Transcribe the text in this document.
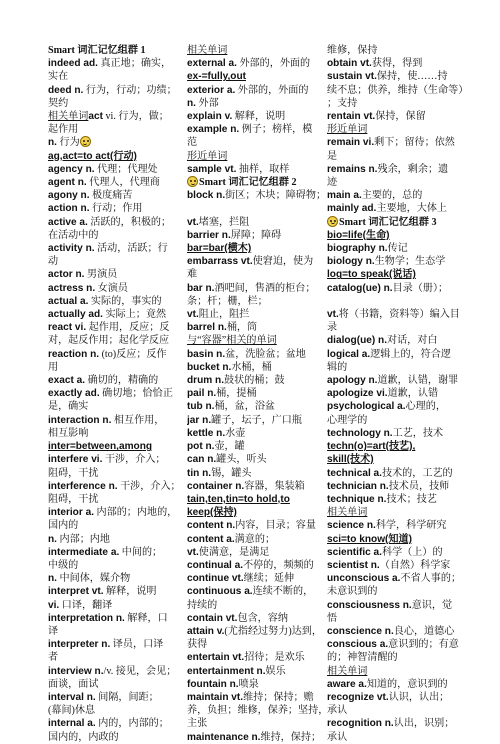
Smart 词汇记忆组群 1
indeed ad. 真正地；确实，
实在
deed n. 行为，行动；功绩；
契约
相关单词act vi. 行为，做；
起作用
n. 行为
ag,act=to act(行动)
agency n. 代理；代理处
agent n. 代理人，代理商
agony n. 极度痛苦
action n. 行动；作用
active a. 活跃的，积极的；
在活动中的
activity n. 活动，活跃；行
动
actor n. 男演员
actress n. 女演员
actual a. 实际的，事实的
actually ad. 实际上；竟然
react vi. 起作用，反应；反
对，起反作用；起化学反应
reaction n. (to)反应；反作
用
exact a. 确切的，精确的
exactly ad. 确切地；恰恰正
是，确实
interaction n. 相互作用，
相互影响
inter=between,among
interfere vi. 干涉，介入；
阻碍，干扰
interference n. 干涉，介入；
阻碍，干扰
interior a. 内部的；内地的，
国内的
n. 内部；内地
intermediate a. 中间的；
中级的
n. 中间体，媒介物
interpret vt. 解释，说明
vi. 口译，翻译
interpretation n. 解释，口
译
interpreter n. 译员，口译
者
interview n./v. 接见，会见；
面谈，面试
interval n. 间隔，间距；
(幕间)休息
internal a. 内的，内部的；
国内的，内政的
相关单词
external a. 外部的，外面的
ex-=fully,out
exterior a. 外部的，外面的
n. 外部
explain v. 解释，说明
example n. 例子；榜样，模
范
形近单词
sample vt. 抽样，取样
Smart 词汇记忆组群 2
block n.街区；木块；障碍物；

vt.堵塞，拦阻
barrier n.屏障；障碍
bar=bar(横木)
embarrass vt.使窘迫，使为
难
bar n.酒吧间，售酒的柜台；
条；杆；栅，栏；
vt.阻止，阻拦
barrel n.桶，筒
与“容器”相关的单词
basin n.盆，洗脸盆；盆地
bucket n.水桶，桶
drum n.鼓状的桶；鼓
pail n.桶，提桶
tub n.桶，盆，浴盆
jar n.罐子，坛子，广口瓶
kettle n.水壶
pot n.壶，罐
can n.罐头，听头
tin n.锡，罐头
container n.容器，集装箱
tain,ten,tin=to hold,to
keep(保持)
content n.内容，目录；容量
content a.满意的；
vt.使满意，是满足
continual a.不停的，频频的
continue vt.继续；延伸
continuous a.连续不断的，
持续的
contain vt.包含，容纳
attain v.(尤指经过努力)达到，
获得
entertain vt.招待；是欢乐
entertainment n.娱乐
fountain n.喷泉
maintain vt.维持；保持；赡
养，负担；维修，保养；坚持，
主张
maintenance n.维持，保持；
维修，保持
obtain vt.获得，得到
sustain vt.保持，使……持
续不息；供养，维持（生命等）
；支持
rentain vt.保持，保留
形近单词
remain vi.剩下；留待；依然
是
remains n.残余，剩余；遗
迹
main a.主要的，总的
mainly ad.主要地，大体上
Smart 词汇记忆组群 3
bio=life(生命)
biography n.传记
biology n.生物学；生态学
log=to speak(说话)
catalog(ue) n.目录（册）；

vt.将（书籍，资料等）编入目
录
dialog(ue) n.对话，对白
logical a.逻辑上的，符合逻
辑的
apology n.道歉，认错，谢罪
apologize vi.道歉，认错
psychological a.心理的，
心理学的
technology n.工艺，技术
techn(o)=art(技艺),
skill(技术)
technical a.技术的，工艺的
technician n.技术员，技师
technique n.技术；技艺
相关单词
science n.科学，科学研究
sci=to know(知道)
scientific a.科学（上）的
scientist n.（自然）科学家
unconscious a.不省人事的；
未意识到的
consciousness n.意识，觉
悟
conscience n.良心，道德心
conscious a.意识到的；有意
的；神智清醒的
相关单词
aware a.知道的，意识到的
recognize vt.认识，认出；
承认
recognition n.认出，识别；
承认
